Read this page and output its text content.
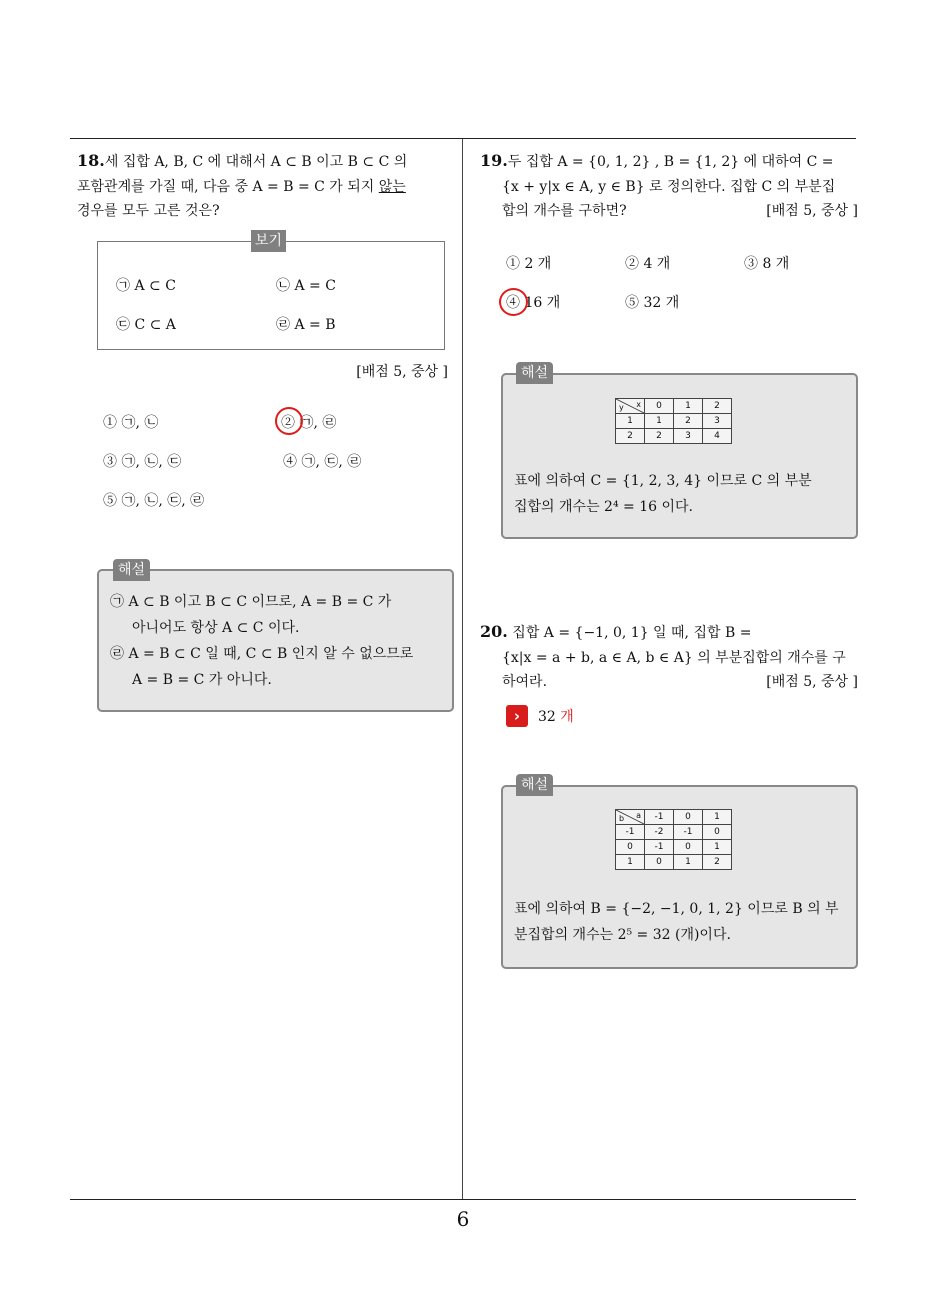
6
18.세 집합 A, B, C 에 대해서 A ⊂ B 이고 B ⊂ C 의
포함관계를 가질 때, 다음 중 A = B = C 가 되지 않는
경우를 모두 고른 것은?
보기
㉠ A ⊂ C	㉡ A = C
㉢ C ⊂ A	㉣ A = B
[배점 5, 중상 ]
① ㉠, ㉡	② ㉠, ㉣
③ ㉠, ㉡, ㉢	④ ㉠, ㉢, ㉣
⑤ ㉠, ㉡, ㉢, ㉣
해설
㉠ A ⊂ B 이고 B ⊂ C 이므로, A = B = C 가
아니어도 항상 A ⊂ C 이다.
㉣ A = B ⊂ C 일 때, C ⊂ B 인지 알 수 없으므로
A = B = C 가 아니다.
19.두 집합 A = {0, 1, 2} , B = {1, 2} 에 대하여 C =
{x + y|x ∈ A, y ∈ B} 로 정의한다. 집합 C 의 부분집
합의 개수를 구하면?	[배점 5, 중상 ]
① 2 개	② 4 개	③ 8 개
④ 16 개	⑤ 32 개
해설
x
y	0	1	2
1	1	2	3
2	2	3	4
표에 의하여 C = {1, 2, 3, 4} 이므로 C 의 부분
집합의 개수는 2⁴ = 16 이다.
20. 집합 A = {−1, 0, 1} 일 때, 집합 B =
{x|x = a + b, a ∈ A, b ∈ A} 의 부분집합의 개수를 구
하여라.	[배점 5, 중상 ]
›	32 개
해설
a
b	-1	0	1
-1	-2	-1	0
0	-1	0	1
1	0	1	2
표에 의하여 B = {−2, −1, 0, 1, 2} 이므로 B 의 부
분집합의 개수는 2⁵ = 32 (개)이다.
